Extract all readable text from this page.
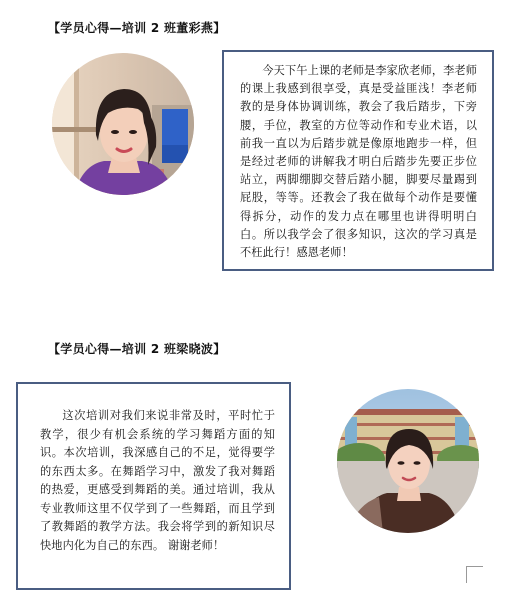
【学员心得—培训 2 班董彩燕】

今天下午上课的老师是李家欣老师，李老师的课上我感到很享受，真是受益匪浅！李老师教的是身体协调训练，教会了我后踏步，下旁腰，手位，教室的方位等动作和专业术语，以前我一直以为后踏步就是像原地跑步一样，但是经过老师的讲解我才明白后踏步先要正步位站立，两脚绷脚交替后踏小腿，脚要尽量踢到屁股，等等。还教会了我在做每个动作是要懂得拆分，动作的发力点在哪里也讲得明明白白。所以我学会了很多知识，这次的学习真是不枉此行！感恩老师！

【学员心得—培训 2 班梁晓波】

这次培训对我们来说非常及时，平时忙于教学，很少有机会系统的学习舞蹈方面的知识。本次培训，我深感自己的不足，觉得要学的东西太多。在舞蹈学习中，激发了我对舞蹈的热爱，更感受到舞蹈的美。通过培训，我从专业教师这里不仅学到了一些舞蹈，而且学到了教舞蹈的教学方法。我会将学到的新知识尽快地内化为自己的东西。 谢谢老师！
